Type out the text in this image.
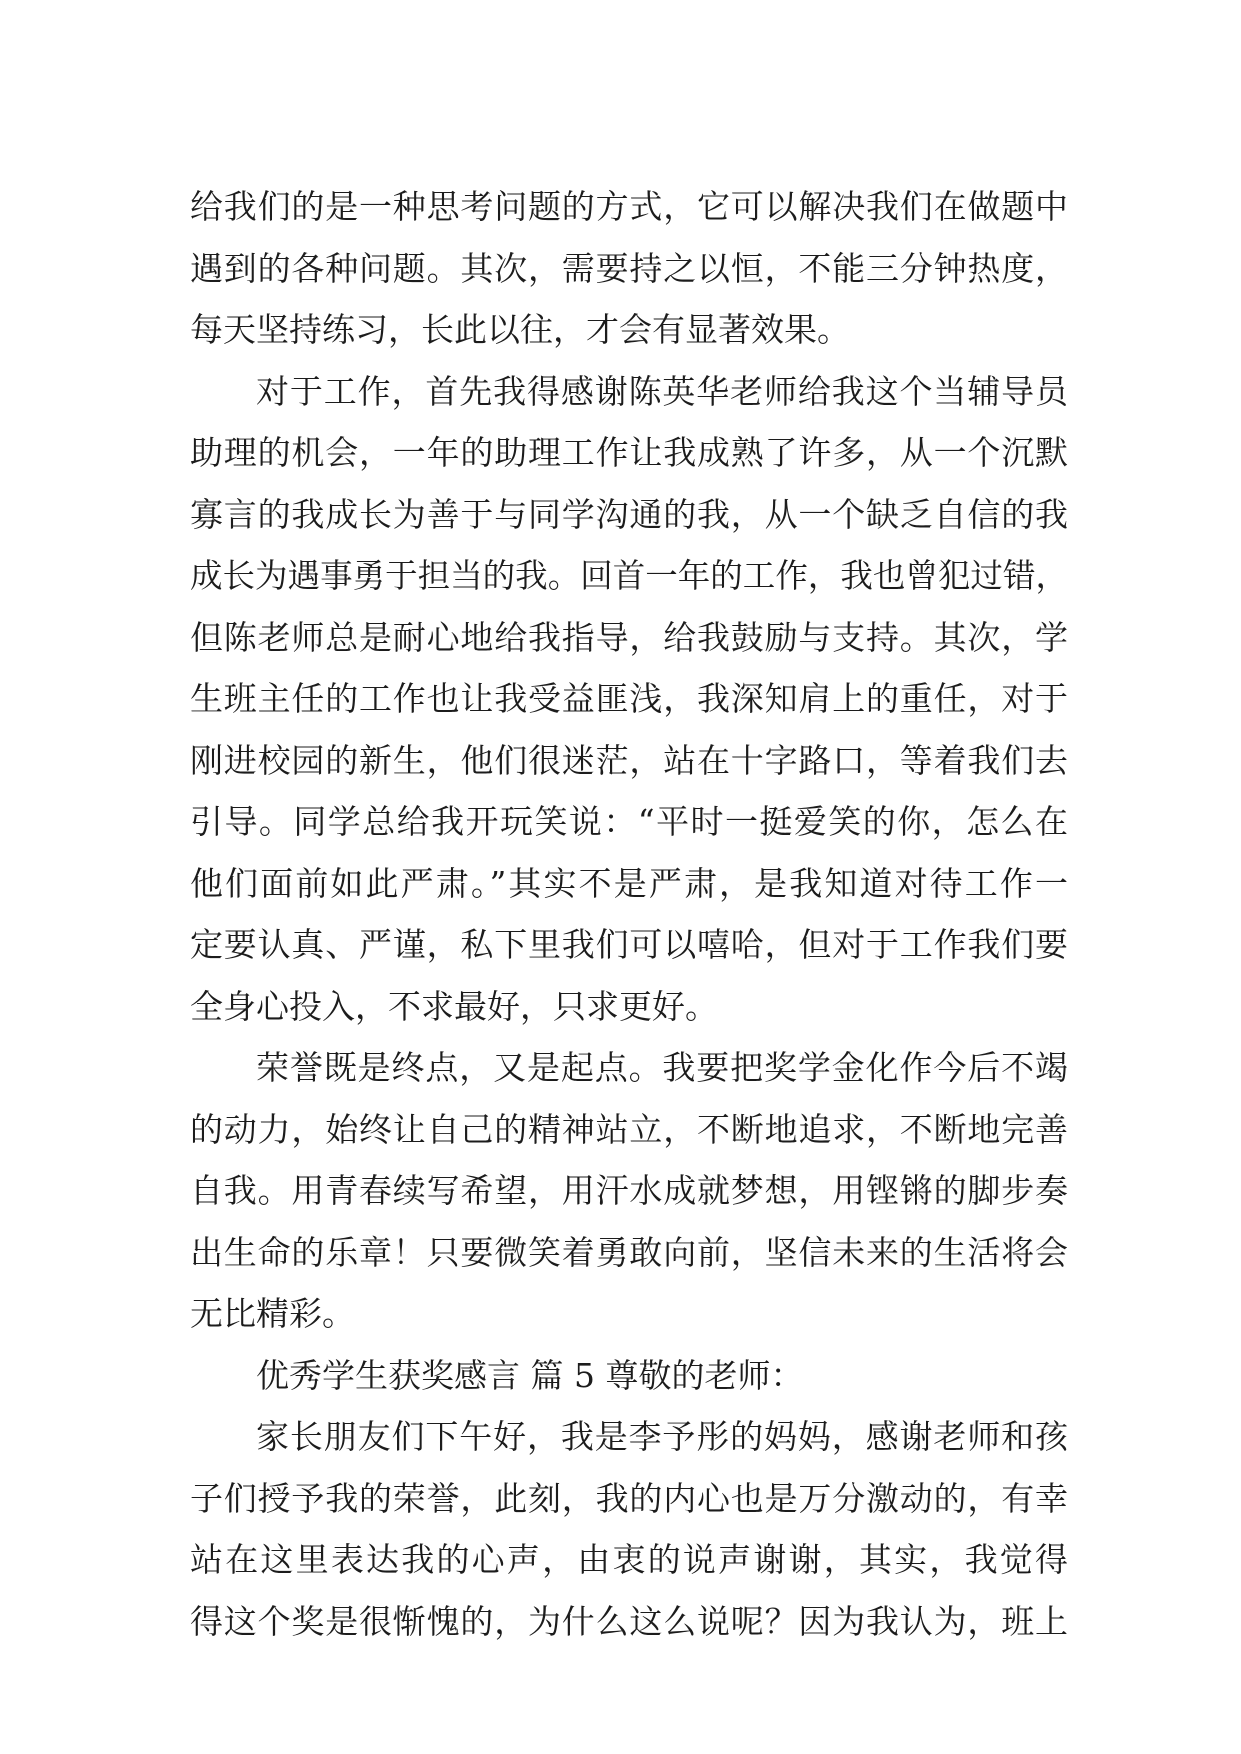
给我们的是一种思考问题的方式，它可以解决我们在做题中
遇到的各种问题。其次，需要持之以恒，不能三分钟热度，
每天坚持练习，长此以往，才会有显著效果。
对于工作，首先我得感谢陈英华老师给我这个当辅导员
助理的机会，一年的助理工作让我成熟了许多，从一个沉默
寡言的我成长为善于与同学沟通的我，从一个缺乏自信的我
成长为遇事勇于担当的我。回首一年的工作，我也曾犯过错，
但陈老师总是耐心地给我指导，给我鼓励与支持。其次，学
生班主任的工作也让我受益匪浅，我深知肩上的重任，对于
刚进校园的新生，他们很迷茫，站在十字路口，等着我们去
引导。同学总给我开玩笑说：“平时一挺爱笑的你，怎么在
他们面前如此严肃。”其实不是严肃，是我知道对待工作一
定要认真、严谨，私下里我们可以嘻哈，但对于工作我们要
全身心投入，不求最好，只求更好。
荣誉既是终点，又是起点。我要把奖学金化作今后不竭
的动力，始终让自己的精神站立，不断地追求，不断地完善
自我。用青春续写希望，用汗水成就梦想，用铿锵的脚步奏
出生命的乐章！只要微笑着勇敢向前，坚信未来的生活将会
无比精彩。
优秀学生获奖感言 篇 5 尊敬的老师：
家长朋友们下午好，我是李予彤的妈妈，感谢老师和孩
子们授予我的荣誉，此刻，我的内心也是万分激动的，有幸
站在这里表达我的心声，由衷的说声谢谢，其实，我觉得
得这个奖是很惭愧的，为什么这么说呢？因为我认为，班上
